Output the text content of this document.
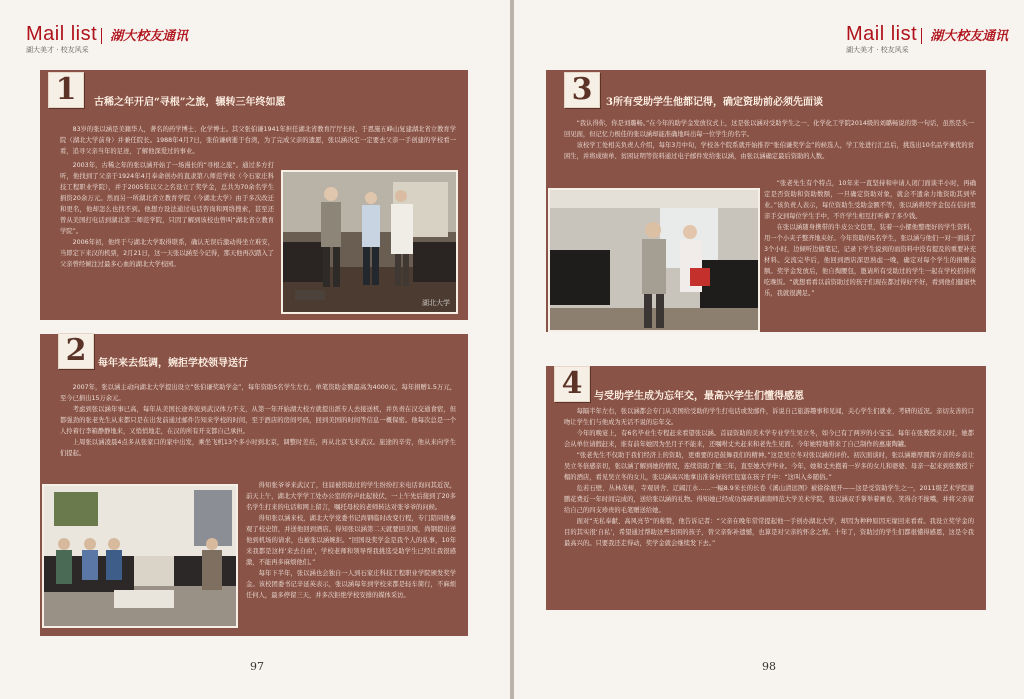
Mail list 湖大校友通讯
湖大美才 · 校友风采
1	古稀之年开启“寻根”之旅，辗转三年终如愿

83岁的张以涵是美籍华人，著名的药学博士、化学博士。其父张伯谦1941年担任湖北省教育厅厅长时，于恩施五峰山复建湖北省立教育学院（湖北大学前身）并兼任院长。1988年4月7日，张伯谦病逝于台湾，为了完成父亲的遗愿，张以涵决定一定要去父亲一手创建的学校看一看，追寻父亲当年的足迹，了解他深爱过的事业。

2003年，古稀之年的张以涵开始了一场漫长的“寻根之旅”。通过多方打听，他找到了父亲于1924年4月奉命创办的直隶第八师范学校（今石家庄科技工程职业学院），并于2005年以父之名设立了奖学金，总共为70余名学生捐资20余万元。然而另一所湖北省立教育学院（今湖北大学）由于多次改迁和更名，他却怎么也找不到。他想方设法通过电话咨询和网络搜索，甚至还曾从美国打电话到湖北第二师范学院，只因了解到该校也曾叫“湖北省立教育学院”。

2006年初，他终于与湖北大学取得联系，确认无误后激动得坐立难安，当即定下来汉的机票，2月21日，这一天张以涵至今记得，那天他再次踏入了父亲曾经倾注过最多心血的湖北大学校园。

湖北大学
2	每年来去低调，婉拒学校领导送行

2007年，张以涵主动向湖北大学提出设立“张伯谦奖助学金”，每年资助5名学生左右，单笔资助金额最高为4000元，每年捐赠1.5万元，至今已捐出15万余元。

考虑到张以涵年事已高，每年从美国长途奔波到武汉体力不支，从第一年开始湖大校方就提出派专人去接送机，并负责在汉交通食宿，但都强劲的张老先生从来都只是在出发前通过邮件告知来学校的时间，至于酒店的房间号码，回到美国的时间等信息一概保密。他每次总是一个人拎着行李箱静静地来，又悄悄地走，在汉的所有开支都自己承担。

上周张以涵凌晨4点多从张家口的家中出发，乘坐飞机13个多小时到北京，调整时差后，再从北京飞来武汉。旅途的辛劳，他从来向学生们提起。

得知张爷爷来武汉了，往届被资助过的学生纷纷打来电话询问其近况，前天上午，湖北大学学工处办公室的铃声此起彼伏，一上午先后接到了20多名学生打来的电话和网上留言，嘱托母校的老师转达对张爷爷的问候。

得知张以涵来校，湖北大学党委书记尚钢临时改变行程，专门陪同他参观了校史馆，并送他回到酒店。得知张以涵第二天就要回美国，尚钢提出送他到机场的请求，也被张以涵婉拒。“回国设奖学金是我个人的私事，10年来我都是这样‘来去自由’，学校老师和领导帮我挑选受助学生已经让我很感激，不能再多麻烦他们。”

每年下半年，张以涵也会独自一人到石家庄科技工程职业学院颁发奖学金。该校团委书记辛延英表示，张以涵每年到学校来都是轻车简行，不麻烦任何人，最多停留三天，并多次拒绝学校安排的媒体采访。

97
Mail list 湖大校友通讯
湖大美才 · 校友风采
3	3所有受助学生他都记得，确定资助前必须先面谈

“我认得你，你是刘璐畅。”在今年的助学金发放仪式上，这是张以涵对受助学生之一、化学化工学院2014级的刘璐畅说的第一句话，虽然是头一回见面，但记忆力极佳的张以涵却能准确地叫出每一位学生的名字。

该校学工处相关负责人介绍，每年3月中旬，学校各个院系就开始推荐“张伯谦奖学金”的候选人，学工处进行汇总后，挑选出10名品学兼优的贫困生，并将成绩单、贫困证明等资料通过电子邮件发给张以涵，由张以涵确定最后资助的人数。

“张老先生有个特点，10年来一直坚持和申请人闭门面谈半小时，再确定是否资助和资助数额，一旦确定资助对象，就会不遗余力地资助其到毕业。”该负责人表示，每位资助生受助金额不等，张以涵将奖学金包在信封里亲手交到每位学生手中，不许学生相互打听拿了多少钱。

在张以涵随身携带的牛皮公文包里，装着一小摞他整理好的学生资料，用一个小夹子整齐地夹好。今年资助的5名学生，张以涵与他们一对一面谈了3个小时，边倾听边做笔记，记录下学生说到的而资料中没有提及的重要补充材料。交流完毕后，他回到酒店深思熟虑一晚，确定对每个学生的捐赠金额。奖学金发放后，他自掏腰包，邀请所有受助过的学生一起在学校招待所吃晚饭。“就想看看以前资助过的孩子们现在都过得好不好，看到他们健康快乐，我就很满足。”

4	与受助学生成为忘年交，最高兴学生们懂得感恩

每隔半年左右，张以涵都会专门从美国给受助的学生打电话或发邮件，诉说自己旅游趣事和见闻，关心学生们就业、考研的近况。亲切友善的口吻让学生们与他成为无话不说的忘年交。

今年的晚宴上，有6名毕业生专程赶来看望张以涵。首届资助的美术学专业学生吴立冬，如今已有了两岁的小宝宝。每年在张教授来汉时，她都会从单位请假赶来，谁有前年她因为坐月子不能来，还嘱咐丈夫赶来和老先生见面。今年她特地带来了自己制作的惠康陶罐。

“张老先生不仅助于我们经济上的资助，更重要的是鼓舞我们的精神。”这是吴立冬对张以涵的评价。初次面谈时，张以涵雄厚圆浑方音的乡音让吴立冬倍感亲切，张以涵了解到她的情况，连续资助了她三年，直至她大学毕业。今年，她和丈夫抱着一岁多的女儿和婆婆、母亲一起来到张教授下榻的酒店，看见吴立冬的女儿，张以涵高兴地拿出准备好的红包塞在孩子手中：“这叫入乡随俗。”

危若石壁、丛林茂树，寺观居舍、辽阔江水……一幅8.9米长的长卷《溪山清远图》被徐徐展开——这是受资助学生之一，2011级艺术学院谢鹏花费近一年时间完成的，送给张以涵的礼物。得知她已经成功保研到湖南师范大学美术学院，张以涵双手掌举着画卷，笑得合不拢嘴，并将父亲留给自己的四支珍贵的毛笔赠送给她。

面对“无私奉献、高风亮节”的称赞，他告诉记者：“父亲在晚年常常提起他一手创办湖北大学，却因为种种原因无缘回来看看。我设立奖学金的目的其实很‘自私’，希望通过帮助这些贫困的孩子，替父亲弥补遗憾，也算是对父亲的怀念之情。十年了，资助过的学生们都很懂得感恩，这是令我最高兴的。只要我还走得动，奖学金就会继续发下去。”

98
